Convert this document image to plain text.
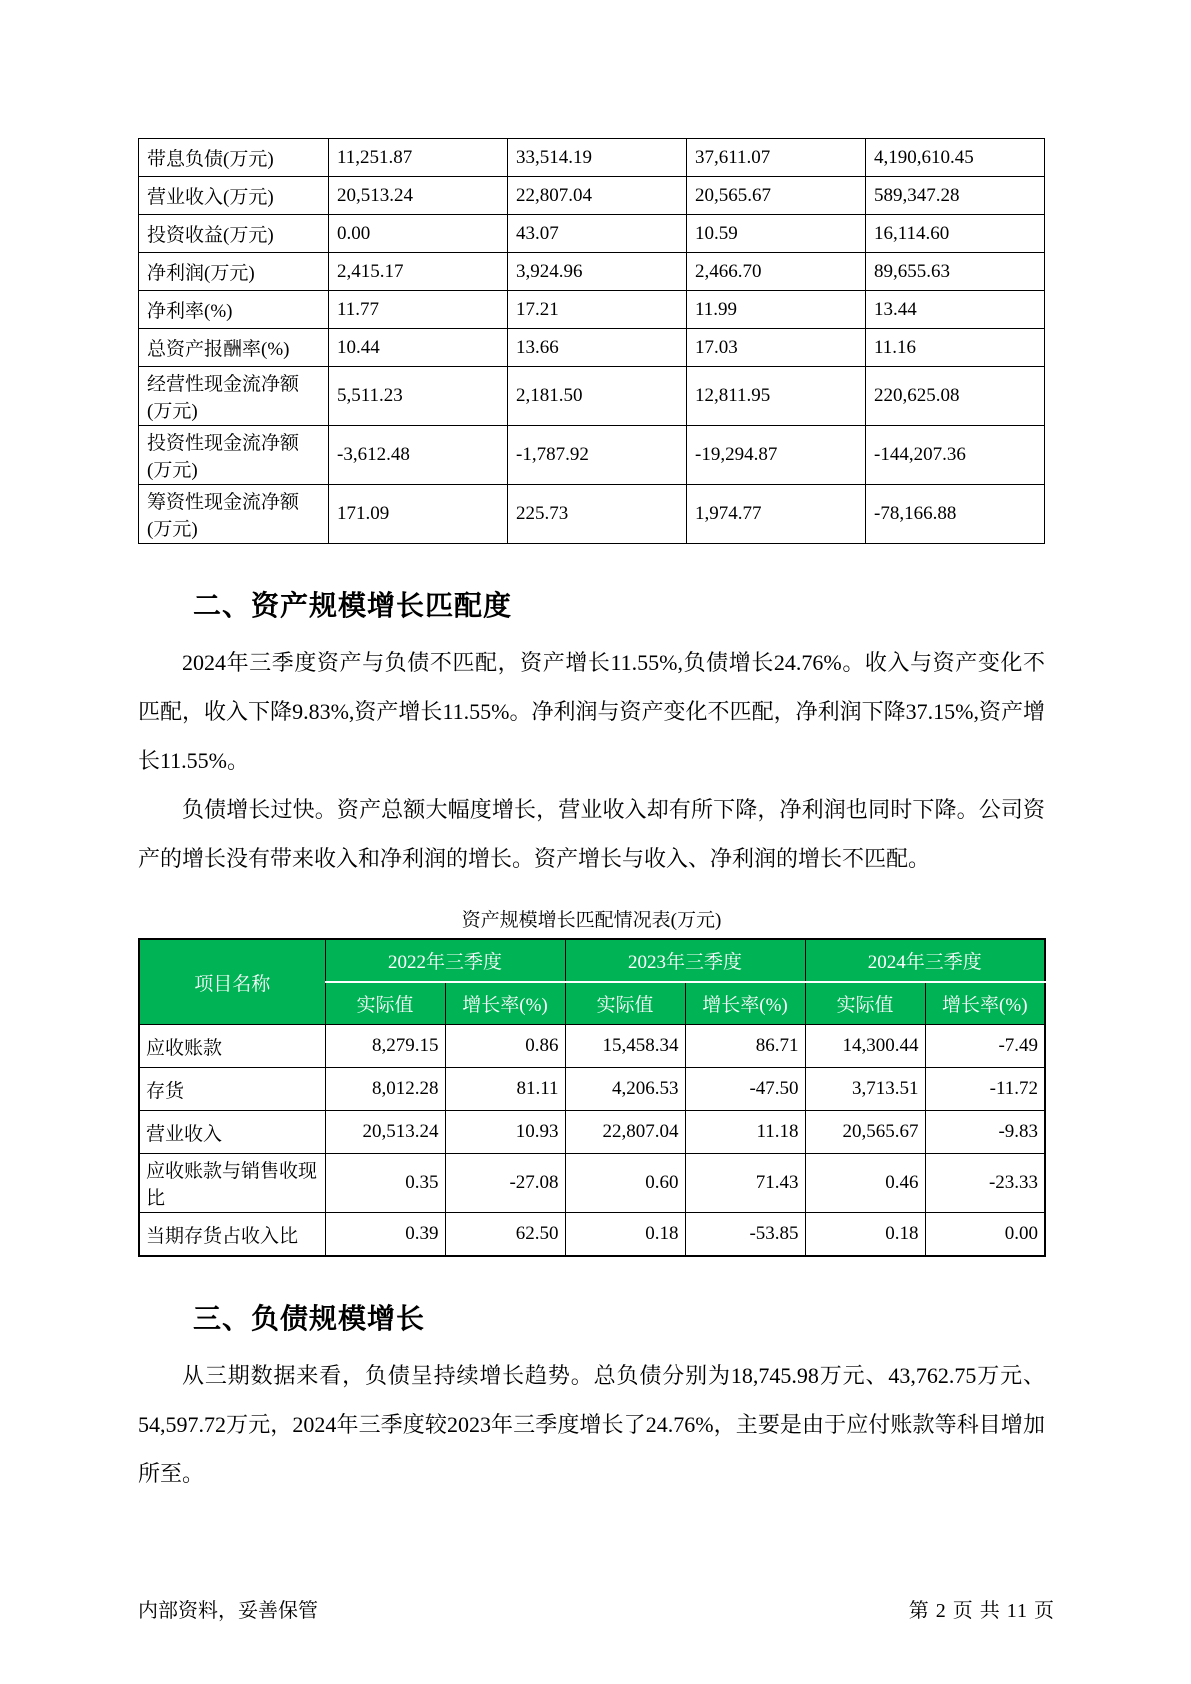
带息负债(万元)	11,251.87	33,514.19	37,611.07	4,190,610.45
营业收入(万元)	20,513.24	22,807.04	20,565.67	589,347.28
投资收益(万元)	0.00	43.07	10.59	16,114.60
净利润(万元)	2,415.17	3,924.96	2,466.70	89,655.63
净利率(%)	11.77	17.21	11.99	13.44
总资产报酬率(%)	10.44	13.66	17.03	11.16
经营性现金流净额(万元)	5,511.23	2,181.50	12,811.95	220,625.08
投资性现金流净额(万元)	-3,612.48	-1,787.92	-19,294.87	-144,207.36
筹资性现金流净额(万元)	171.09	225.73	1,974.77	-78,166.88
二、资产规模增长匹配度

2024年三季度资产与负债不匹配，资产增长11.55%,负债增长24.76%。收入与资产变化不匹配，收入下降9.83%,资产增长11.55%。净利润与资产变化不匹配，净利润下降37.15%,资产增长11.55%。

负债增长过快。资产总额大幅度增长，营业收入却有所下降，净利润也同时下降。公司资产的增长没有带来收入和净利润的增长。资产增长与收入、净利润的增长不匹配。

资产规模增长匹配情况表(万元)
项目名称	2022年三季度		2023年三季度		2024年三季度	
	实际值	增长率(%)	实际值	增长率(%)	实际值	增长率(%)
应收账款	8,279.15	0.86	15,458.34	86.71	14,300.44	-7.49
存货	8,012.28	81.11	4,206.53	-47.50	3,713.51	-11.72
营业收入	20,513.24	10.93	22,807.04	11.18	20,565.67	-9.83
应收账款与销售收现比	0.35	-27.08	0.60	71.43	0.46	-23.33
当期存货占收入比	0.39	62.50	0.18	-53.85	0.18	0.00
三、负债规模增长

从三期数据来看，负债呈持续增长趋势。总负债分别为18,745.98万元、43,762.75万元、54,597.72万元，2024年三季度较2023年三季度增长了24.76%，主要是由于应付账款等科目增加所至。

内部资料，妥善保管	第 2 页 共 11 页
